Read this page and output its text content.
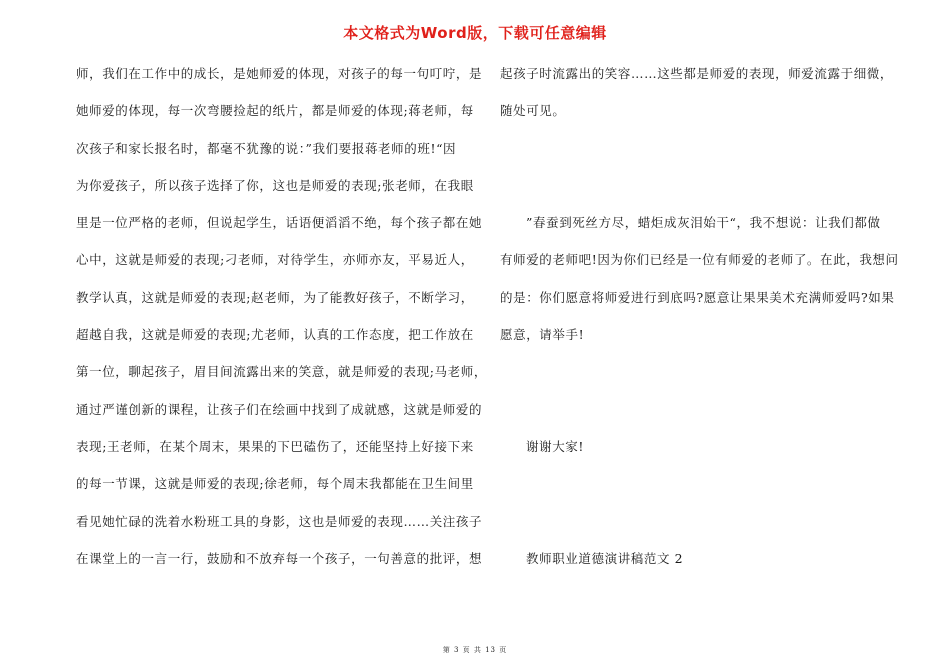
本文格式为Word版，下载可任意编辑
师，我们在工作中的成长，是她师爱的体现，对孩子的每一句叮咛，是
她师爱的体现，每一次弯腰捡起的纸片，都是师爱的体现;蒋老师，每
次孩子和家长报名时，都毫不犹豫的说：”我们要报蒋老师的班!“因
为你爱孩子，所以孩子选择了你，这也是师爱的表现;张老师，在我眼
里是一位严格的老师，但说起学生，话语便滔滔不绝，每个孩子都在她
心中，这就是师爱的表现;刁老师，对待学生，亦师亦友，平易近人，
教学认真，这就是师爱的表现;赵老师，为了能教好孩子，不断学习，
超越自我，这就是师爱的表现;尤老师，认真的工作态度，把工作放在
第一位，聊起孩子，眉目间流露出来的笑意，就是师爱的表现;马老师，
通过严谨创新的课程，让孩子们在绘画中找到了成就感，这就是师爱的
表现;王老师，在某个周末，果果的下巴磕伤了，还能坚持上好接下来
的每一节课，这就是师爱的表现;徐老师，每个周末我都能在卫生间里
看见她忙碌的洗着水粉班工具的身影，这也是师爱的表现……关注孩子
在课堂上的一言一行，鼓励和不放弃每一个孩子，一句善意的批评，想
起孩子时流露出的笑容……这些都是师爱的表现，师爱流露于细微，
随处可见。
”春蚕到死丝方尽，蜡炬成灰泪始干“，我不想说：让我们都做
有师爱的老师吧!因为你们已经是一位有师爱的老师了。在此，我想问
的是：你们愿意将师爱进行到底吗?愿意让果果美术充满师爱吗?如果
愿意，请举手!
谢谢大家!
教师职业道德演讲稿范文 2
第 3 页 共 13 页
